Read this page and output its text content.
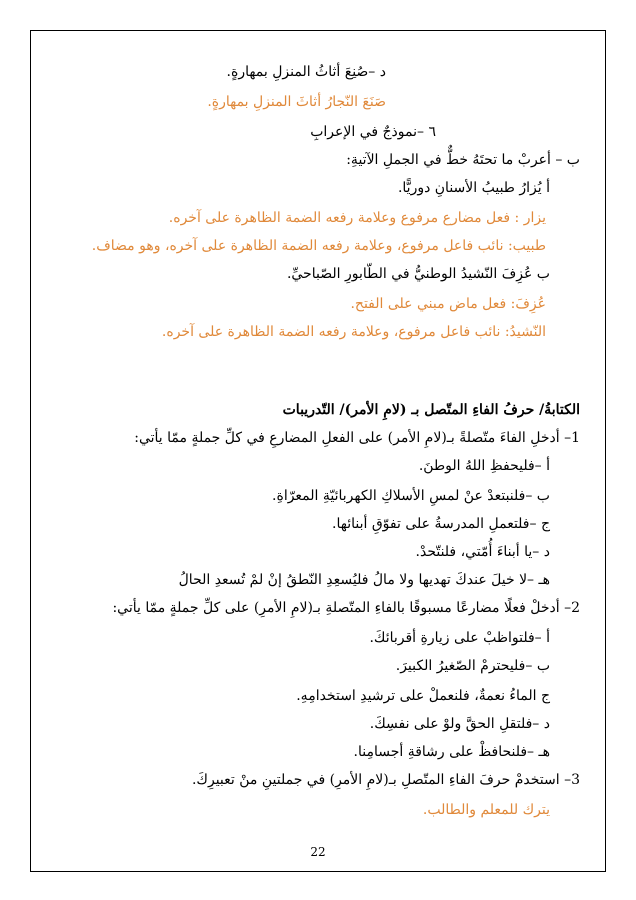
د –صُنِعَ أثاثُ المنزلِ بمهارةٍ.
صَنَعَ النّجارُ أثاثَ المنزلِ بمهارةٍ.
٦ –نموذجٌ في الإعرابِ
ب – أعربْ ما تحتَهُ خطٌّ في الجملِ الآتيةِ:
أ يُزارُ طبيبُ الأسنانِ دوريًّا.
يزار : فعل مضارع مرفوع وعلامة رفعه الضمة الظاهرة على آخره.
طبيب: نائب فاعل مرفوع، وعلامة رفعه الضمة الظاهرة على آخره، وهو مضاف.
ب عُزِفَ النّشيدُ الوطنيُّ في الطّابورِ الصّباحيِّ.
عُزِفَ: فعل ماض مبني على الفتح.
النّشيدُ: نائب فاعل مرفوع، وعلامة رفعه الضمة الظاهرة على آخره.
الكتابةُ/ حرفُ الفاءِ المتّصل بـ (لامِ الأمر)/ التّدريبات
1– أدخلِ الفاءَ متّصلةً بـ(لامِ الأمر) على الفعلِ المضارعِ في كلِّ جملةٍ ممّا يأتي:
أ –فليحفظِ اللهُ الوطنَ.
ب –فلنبتعدْ عنْ لمسِ الأسلاكِ الكهربائيّةِ المعرّاةِ.
ج –فلتعملِ المدرسةُ على تفوّقِ أبنائها.
د –يا أبناءَ أُمّتي، فلنتّحدْ.
هـ –لا خيلَ عندكَ تهديها ولا مالُ فليُسعِدِ النّطقُ إنْ لمْ تُسعدِ الحالُ
2– أدخلْ فعلًا مضارعًا مسبوقًا بالفاءِ المتّصلةِ بـ(لامِ الأمرِ) على كلِّ جملةٍ ممّا يأتي:
أ –فلتواظبْ على زيارةِ أقربائكَ.
ب –فليحترمْ الصّغيرُ الكبيرَ.
ج الماءُ نعمةٌ، فلنعملْ على ترشيدِ استخدامِهِ.
د –فلتقلِ الحقَّ ولوْ على نفسِكَ.
هـ –فلنحافظْ على رشاقةِ أجسامِنا.
3– استخدمْ حرفَ الفاءِ المتّصلِ بـ(لامِ الأمرِ) في جملتينِ منْ تعبيرِكَ.
يترك للمعلم والطالب.
22
